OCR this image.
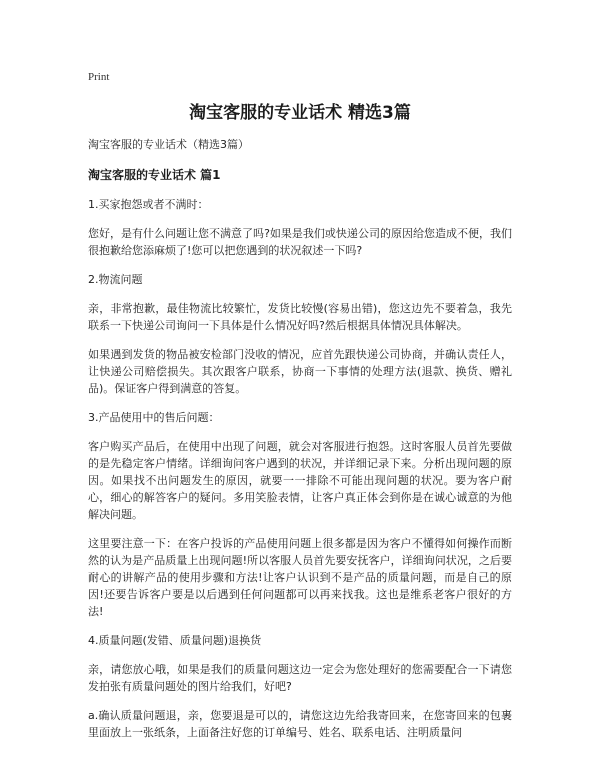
Print
淘宝客服的专业话术 精选3篇
淘宝客服的专业话术（精选3篇）
淘宝客服的专业话术 篇1
1.买家抱怨或者不满时：
您好，是有什么问题让您不满意了吗?如果是我们或快递公司的原因给您造成不便，我们很抱歉给您添麻烦了!您可以把您遇到的状况叙述一下吗?
2.物流问题
亲，非常抱歉，最佳物流比较繁忙，发货比较慢(容易出错)，您这边先不要着急，我先联系一下快递公司询问一下具体是什么情况好吗?然后根据具体情况具体解决。
如果遇到发货的物品被安检部门没收的情况，应首先跟快递公司协商，并确认责任人，让快递公司赔偿损失。其次跟客户联系，协商一下事情的处理方法(退款、换货、赠礼品)。保证客户得到满意的答复。
3.产品使用中的售后问题：
客户购买产品后，在使用中出现了问题，就会对客服进行抱怨。这时客服人员首先要做的是先稳定客户情绪。详细询问客户遇到的状况，并详细记录下来。分析出现问题的原因。如果找不出问题发生的原因，就要一一排除不可能出现问题的状况。要为客户耐心，细心的解答客户的疑问。多用笑脸表情，让客户真正体会到你是在诚心诚意的为他解决问题。
这里要注意一下：在客户投诉的产品使用问题上很多都是因为客户不懂得如何操作而断然的认为是产品质量上出现问题!所以客服人员首先要安抚客户，详细询问状况，之后要耐心的讲解产品的使用步骤和方法!让客户认识到不是产品的质量问题，而是自己的原因!还要告诉客户要是以后遇到任何问题都可以再来找我。这也是维系老客户很好的方法!
4.质量问题(发错、质量问题)退换货
亲，请您放心哦，如果是我们的质量问题这边一定会为您处理好的您需要配合一下请您发拍张有质量问题处的图片给我们，好吧?
a.确认质量问题退，亲，您要退是可以的，请您这边先给我寄回来，在您寄回来的包裹里面放上一张纸条，上面备注好您的订单编号、姓名、联系电话、注明质量问
